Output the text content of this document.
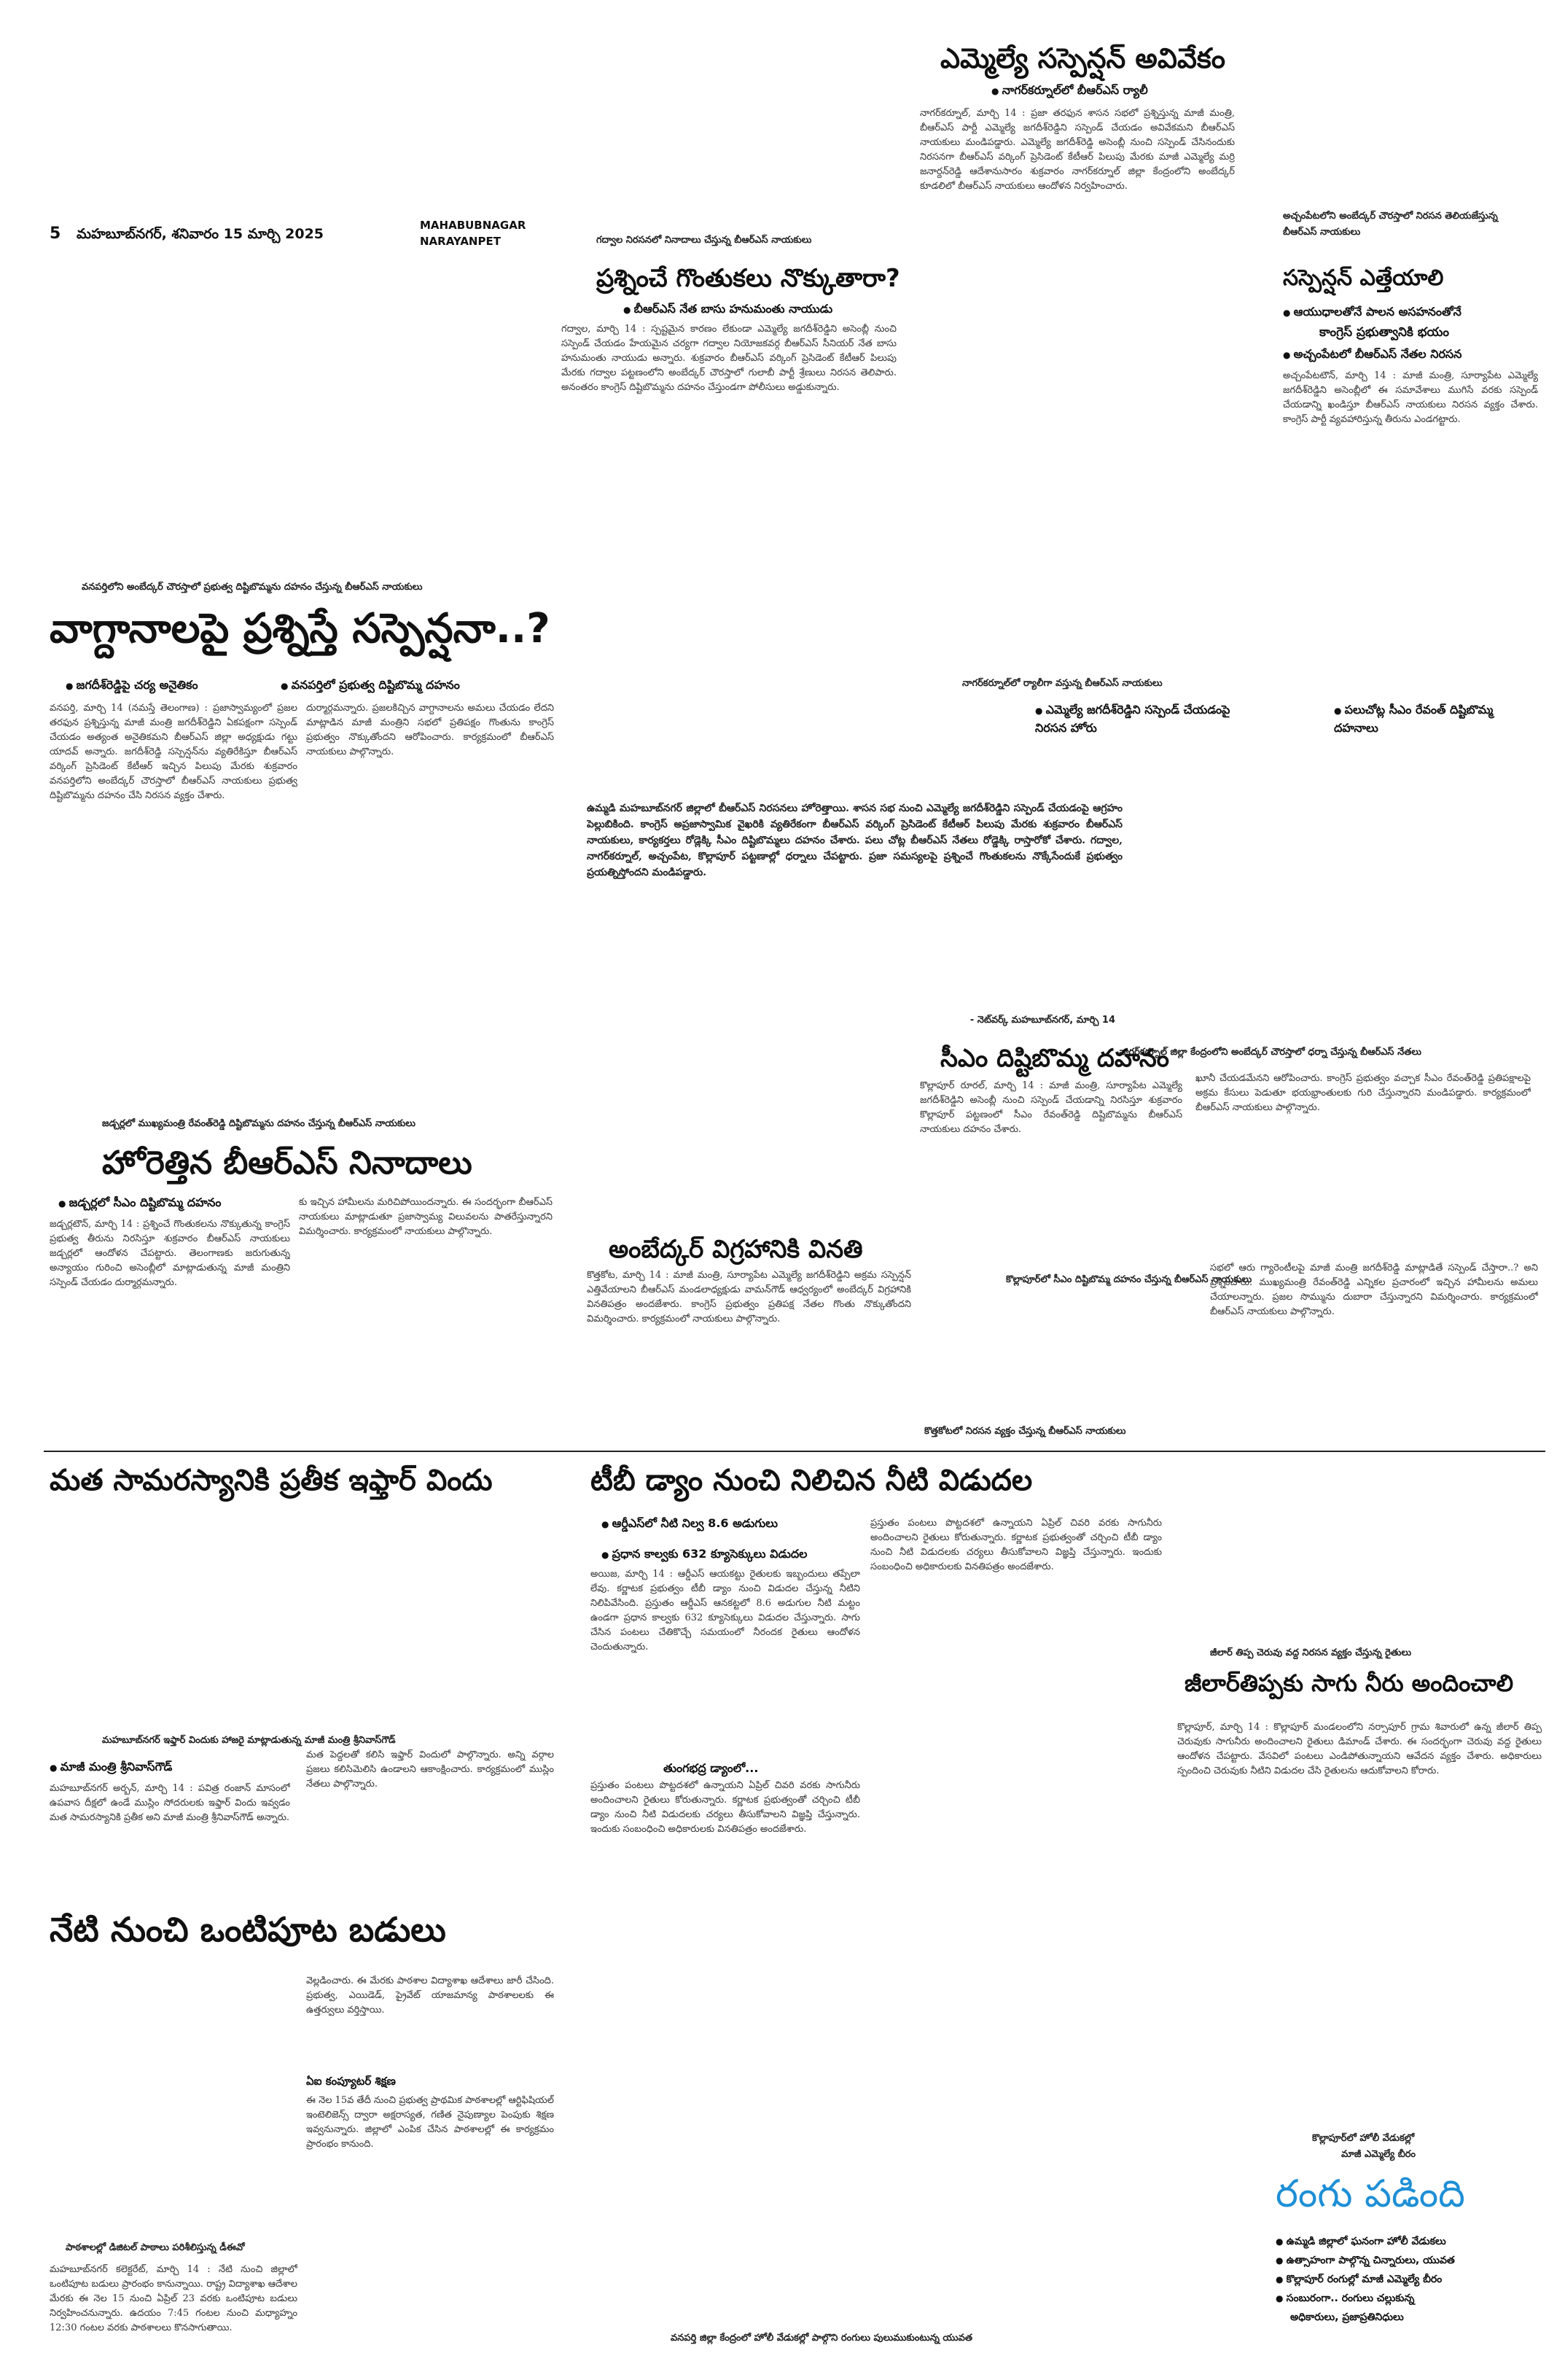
5 మహబూబ్‌నగర్, శనివారం 15 మార్చి 2025
MAHABUBNAGAR
NARAYANPET
ఎమ్మెల్యే సస్పెన్షన్ అవివేకం
● నాగర్‌కర్నూల్‌లో బీఆర్ఎస్ ర్యాలీ
నాగర్‌కర్నూల్, మార్చి 14 : ప్రజా తరఫున శాసన సభలో ప్రశ్నిస్తున్న మాజీ మంత్రి, బీఆర్ఎస్ పార్టీ ఎమ్మెల్యే జగదీశ్‌రెడ్డిని సస్పెండ్ చేయడం అవివేకమని బీఆర్ఎస్ నాయకులు మండిపడ్డారు. ఎమ్మెల్యే జగదీశ్‌రెడ్డి అసెంబ్లీ నుంచి సస్పెండ్ చేసినందుకు నిరసనగా బీఆర్ఎస్ వర్కింగ్ ప్రెసిడెంట్ కేటీఆర్ పిలుపు మేరకు మాజీ ఎమ్మెల్యే మర్రి జనార్దన్‌రెడ్డి ఆదేశానుసారం శుక్రవారం నాగర్‌కర్నూల్ జిల్లా కేంద్రంలోని అంబేద్కర్ కూడలిలో బీఆర్ఎస్ నాయకులు ఆందోళన నిర్వహించారు.
గద్వాల నిరసనలో నినాదాలు చేస్తున్న బీఆర్ఎస్ నాయకులు
ప్రశ్నించే గొంతుకలు నొక్కుతారా?
● బీఆర్ఎస్ నేత బాసు హనుమంతు నాయుడు
గద్వాల, మార్చి 14 : స్పష్టమైన కారణం లేకుండా ఎమ్మెల్యే జగదీశ్‌రెడ్డిని అసెంబ్లీ నుంచి సస్పెండ్ చేయడం హేయమైన చర్యగా గద్వాల నియోజకవర్గ బీఆర్ఎస్ సీనియర్ నేత బాసు హనుమంతు నాయుడు అన్నారు. శుక్రవారం బీఆర్ఎస్ వర్కింగ్ ప్రెసిడెంట్ కేటీఆర్ పిలుపు మేరకు గద్వాల పట్టణంలోని అంబేద్కర్ చౌరస్తాలో గులాబీ పార్టీ శ్రేణులు నిరసన తెలిపారు. అనంతరం కాంగ్రెస్ దిష్టిబొమ్మను దహనం చేస్తుండగా పోలీసులు అడ్డుకున్నారు.
అచ్చంపేటలోని అంబేద్కర్ చౌరస్తాలో నిరసన తెలియజేస్తున్న బీఆర్ఎస్ నాయకులు
సస్పెన్షన్ ఎత్తేయాలి
● ఆయుధాలతోనే పాలన అసహనంతోనే
కాంగ్రెస్ ప్రభుత్వానికి భయం
● అచ్చంపేటలో బీఆర్ఎస్ నేతల నిరసన
అచ్చంపేటటౌన్, మార్చి 14 : మాజీ మంత్రి, సూర్యాపేట ఎమ్మెల్యే జగదీశ్‌రెడ్డిని అసెంబ్లీలో ఈ సమావేశాలు ముగిసే వరకు సస్పెండ్ చేయడాన్ని ఖండిస్తూ బీఆర్ఎస్ నాయకులు నిరసన వ్యక్తం చేశారు. కాంగ్రెస్ పార్టీ వ్యవహారిస్తున్న తీరును ఎండగట్టారు.
వనపర్తిలోని అంబేద్కర్ చౌరస్తాలో ప్రభుత్వ దిష్టిబొమ్మను దహనం చేస్తున్న బీఆర్ఎస్ నాయకులు
వాగ్దానాలపై ప్రశ్నిస్తే సస్పెన్షనా..?
● జగదీశ్‌రెడ్డిపై చర్య అనైతికం
●	వనపర్తిలో ప్రభుత్వ దిష్టిబొమ్మ దహనం
వనపర్తి, మార్చి 14 (నమస్తే తెలంగాణ) : ప్రజాస్వామ్యంలో ప్రజల తరఫున ప్రశ్నిస్తున్న మాజీ మంత్రి జగదీశ్‌రెడ్డిని ఏకపక్షంగా సస్పెండ్ చేయడం అత్యంత అనైతికమని బీఆర్ఎస్ జిల్లా అధ్యక్షుడు గట్టు యాదవ్ అన్నారు. జగదీశ్‌రెడ్డి సస్పెన్షన్‌ను వ్యతిరేకిస్తూ బీఆర్ఎస్ వర్కింగ్ ప్రెసిడెంట్ కేటీఆర్ ఇచ్చిన పిలుపు మేరకు శుక్రవారం వనపర్తిలోని అంబేద్కర్ చౌరస్తాలో బీఆర్ఎస్ నాయకులు ప్రభుత్వ దిష్టిబొమ్మను దహనం చేసి నిరసన వ్యక్తం చేశారు.
దుర్మార్గమన్నారు. ప్రజలకిచ్చిన వాగ్దానాలను అమలు చేయడం లేదని మాట్లాడిన మాజీ మంత్రిని సభలో ప్రతిపక్షం గొంతును కాంగ్రెస్ ప్రభుత్వం నొక్కుతోందని ఆరోపించారు. కార్యక్రమంలో బీఆర్ఎస్ నాయకులు పాల్గొన్నారు.
నాగర్‌కర్నూల్‌లో ర్యాలీగా వస్తున్న బీఆర్ఎస్ నాయకులు
● ఎమ్మెల్యే జగదీశ్‌రెడ్డిని సస్పెండ్ చేయడంపై నిరసన హోరు
● పలుచోట్ల సీఎం రేవంత్ దిష్టిబొమ్మ దహనాలు
ఉమ్మడి మహబూబ్‌నగర్ జిల్లాలో బీఆర్ఎస్ నిరసనలు హోరెత్తాయి. శాసన సభ నుంచి ఎమ్మెల్యే జగదీశ్‌రెడ్డిని సస్పెండ్ చేయడంపై ఆగ్రహం పెల్లుబికింది. కాంగ్రెస్ అప్రజాస్వామిక వైఖరికి వ్యతిరేకంగా బీఆర్ఎస్ వర్కింగ్ ప్రెసిడెంట్ కేటీఆర్ పిలుపు మేరకు శుక్రవారం బీఆర్ఎస్ నాయకులు, కార్యకర్తలు రోడ్లెక్కి సీఎం దిష్టిబొమ్మలు దహనం చేశారు. పలు చోట్ల బీఆర్ఎస్ నేతలు రోడ్డెక్కి రాస్తారోకో చేశారు. గద్వాల, నాగర్‌కర్నూల్, అచ్చంపేట, కొల్లాపూర్ పట్టణాల్లో ధర్నాలు చేపట్టారు. ప్రజా సమస్యలపై ప్రశ్నించే గొంతుకలను నొక్కేసేందుకే ప్రభుత్వం ప్రయత్నిస్తోందని మండిపడ్డారు.
- నెట్‌వర్క్ మహబూబ్‌నగర్, మార్చి 14
నాగర్‌కర్నూల్ జిల్లా కేంద్రంలోని అంబేద్కర్ చౌరస్తాలో ధర్నా చేస్తున్న బీఆర్ఎస్ నేతలు
సీఎం దిష్టిబొమ్మ దహనం
కొల్లాపూర్ రూరల్, మార్చి 14 : మాజీ మంత్రి, సూర్యాపేట ఎమ్మెల్యే జగదీశ్‌రెడ్డిని అసెంబ్లీ నుంచి సస్పెండ్ చేయడాన్ని నిరసిస్తూ శుక్రవారం కొల్లాపూర్ పట్టణంలో సీఎం రేవంత్‌రెడ్డి దిష్టిబొమ్మను బీఆర్ఎస్ నాయకులు దహనం చేశారు.
ఖూనీ చేయడమేనని ఆరోపించారు. కాంగ్రెస్ ప్రభుత్వం వచ్చాక సీఎం రేవంత్‌రెడ్డి ప్రతిపక్షాలపై అక్రమ కేసులు పెడుతూ భయభ్రాంతులకు గురి చేస్తున్నారని మండిపడ్డారు. కార్యక్రమంలో బీఆర్ఎస్ నాయకులు పాల్గొన్నారు.
కొల్లాపూర్‌లో సీఎం దిష్టిబొమ్మ దహనం చేస్తున్న బీఆర్ఎస్ నాయకులు
జడ్చర్లలో ముఖ్యమంత్రి రేవంత్‌రెడ్డి దిష్టిబొమ్మను దహనం చేస్తున్న బీఆర్ఎస్ నాయకులు
హోరెత్తిన బీఆర్ఎస్ నినాదాలు
● జడ్చర్లలో సీఎం దిష్టిబొమ్మ దహనం
జడ్చర్లటౌన్, మార్చి 14 : ప్రశ్నించే గొంతుకలను నొక్కుతున్న కాంగ్రెస్ ప్రభుత్వ తీరును నిరసిస్తూ శుక్రవారం బీఆర్ఎస్ నాయకులు జడ్చర్లలో ఆందోళన చేపట్టారు. తెలంగాణకు జరుగుతున్న అన్యాయం గురించి అసెంబ్లీలో మాట్లాడుతున్న మాజీ మంత్రిని సస్పెండ్ చేయడం దుర్మార్గమన్నారు.
కు ఇచ్చిన హామీలను మరిచిపోయిందన్నారు. ఈ సందర్భంగా బీఆర్ఎస్ నాయకులు మాట్లాడుతూ ప్రజాస్వామ్య విలువలను పాతరేస్తున్నారని విమర్శించారు. కార్యక్రమంలో నాయకులు పాల్గొన్నారు.
అంబేద్కర్ విగ్రహానికి వినతి
కొత్తకోట, మార్చి 14 : మాజీ మంత్రి, సూర్యాపేట ఎమ్మెల్యే జగదీశ్‌రెడ్డిని అక్రమ సస్పెన్షన్ ఎత్తివేయాలని బీఆర్ఎస్ మండలాధ్యక్షుడు వామన్‌గౌడ్ ఆధ్వర్యంలో అంబేద్కర్ విగ్రహానికి వినతిపత్రం అందజేశారు. కాంగ్రెస్ ప్రభుత్వం ప్రతిపక్ష నేతల గొంతు నొక్కుతోందని విమర్శించారు. కార్యక్రమంలో నాయకులు పాల్గొన్నారు.
కొత్తకోటలో నిరసన వ్యక్తం చేస్తున్న బీఆర్ఎస్ నాయకులు
సభలో ఆరు గ్యారెంటీలపై మాజీ మంత్రి జగదీశ్‌రెడ్డి మాట్లాడితే సస్పెండ్ చేస్తారా..? అని ప్రశ్నించారు. ముఖ్యమంత్రి రేవంత్‌రెడ్డి ఎన్నికల ప్రచారంలో ఇచ్చిన హామీలను అమలు చేయాలన్నారు. ప్రజల సొమ్మును దుబారా చేస్తున్నారని విమర్శించారు. కార్యక్రమంలో బీఆర్ఎస్ నాయకులు పాల్గొన్నారు.
మత సామరస్యానికి ప్రతీక ఇఫ్తార్ విందు
మహబూబ్‌నగర్ ఇఫ్తార్ విందుకు హాజరై మాట్లాడుతున్న మాజీ మంత్రి శ్రీనివాస్‌గౌడ్
● మాజీ మంత్రి శ్రీనివాస్‌గౌడ్
మహబూబ్‌నగర్ అర్బన్, మార్చి 14 : పవిత్ర రంజాన్ మాసంలో ఉపవాస దీక్షలో ఉండే ముస్లిం సోదరులకు ఇఫ్తార్ విందు ఇవ్వడం మత సామరస్యానికి ప్రతీక అని మాజీ మంత్రి శ్రీనివాస్‌గౌడ్ అన్నారు.
మత పెద్దలతో కలిసి ఇఫ్తార్ విందులో పాల్గొన్నారు. అన్ని వర్గాల ప్రజలు కలిసిమెలిసి ఉండాలని ఆకాంక్షించారు. కార్యక్రమంలో ముస్లిం నేతలు పాల్గొన్నారు.
టీబీ డ్యాం నుంచి నిలిచిన నీటి విడుదల
● ఆర్డీఎస్‌లో నీటి నిల్వ 8.6 అడుగులు
● ప్రధాన కాల్వకు 632 క్యూసెక్కులు విడుదల
అయిజ, మార్చి 14 : ఆర్డీఎస్ ఆయకట్టు రైతులకు ఇబ్బందులు తప్పేలా లేవు. కర్ణాటక ప్రభుత్వం టీబీ డ్యాం నుంచి విడుదల చేస్తున్న నీటిని నిలిపివేసింది. ప్రస్తుతం ఆర్డీఎస్ ఆనకట్టలో 8.6 అడుగుల నీటి మట్టం ఉండగా ప్రధాన కాల్వకు 632 క్యూసెక్కులు విడుదల చేస్తున్నారు. సాగు చేసిన పంటలు చేతికొచ్చే సమయంలో నీరందక రైతులు ఆందోళన చెందుతున్నారు.
తుంగభద్ర డ్యాంలో...
ప్రస్తుతం పంటలు పొట్టదశలో ఉన్నాయని ఏప్రిల్ చివరి వరకు సాగునీరు అందించాలని రైతులు కోరుతున్నారు. కర్ణాటక ప్రభుత్వంతో చర్చించి టీబీ డ్యాం నుంచి నీటి విడుదలకు చర్యలు తీసుకోవాలని విజ్ఞప్తి చేస్తున్నారు. ఇందుకు సంబంధించి అధికారులకు వినతిపత్రం అందజేశారు.
ప్రస్తుతం పంటలు పొట్టదశలో ఉన్నాయని ఏప్రిల్ చివరి వరకు సాగునీరు అందించాలని రైతులు కోరుతున్నారు. కర్ణాటక ప్రభుత్వంతో చర్చించి టీబీ డ్యాం నుంచి నీటి విడుదలకు చర్యలు తీసుకోవాలని విజ్ఞప్తి చేస్తున్నారు. ఇందుకు సంబంధించి అధికారులకు వినతిపత్రం అందజేశారు.
జీలార్ తిప్ప చెరువు వద్ద నిరసన వ్యక్తం చేస్తున్న రైతులు
జీలార్‌తిప్పకు సాగు నీరు అందించాలి
కొల్లాపూర్, మార్చి 14 : కొల్లాపూర్ మండలంలోని నర్సాపూర్ గ్రామ శివారులో ఉన్న జీలార్ తిప్ప చెరువుకు సాగునీరు అందించాలని రైతులు డిమాండ్ చేశారు. ఈ సందర్భంగా చెరువు వద్ద రైతులు ఆందోళన చేపట్టారు. వేసవిలో పంటలు ఎండిపోతున్నాయని ఆవేదన వ్యక్తం చేశారు. అధికారులు స్పందించి చెరువుకు నీటిని విడుదల చేసి రైతులను ఆదుకోవాలని కోరారు.
నేటి నుంచి ఒంటిపూట బడులు
వెల్లడించారు. ఈ మేరకు పాఠశాల విద్యాశాఖ ఆదేశాలు జారీ చేసింది. ప్రభుత్వ, ఎయిడెడ్, ప్రైవేట్ యాజమాన్య పాఠశాలలకు ఈ ఉత్తర్వులు వర్తిస్తాయి.
ఏఐ కంప్యూటర్ శిక్షణ
ఈ నెల 15వ తేదీ నుంచి ప్రభుత్వ ప్రాథమిక పాఠశాలల్లో ఆర్టిఫిషియల్ ఇంటెలిజెన్స్ ద్వారా అక్షరాస్యత, గణిత నైపుణ్యాల పెంపుకు శిక్షణ ఇవ్వనున్నారు. జిల్లాలో ఎంపిక చేసిన పాఠశాలల్లో ఈ కార్యక్రమం ప్రారంభం కానుంది.
పాఠశాలల్లో డిజిటల్ పాఠాలు పరిశీలిస్తున్న డీఈవో
మహబూబ్‌నగర్ కలెక్టరేట్, మార్చి 14 : నేటి నుంచి జిల్లాలో ఒంటిపూట బడులు ప్రారంభం కానున్నాయి. రాష్ట్ర విద్యాశాఖ ఆదేశాల మేరకు ఈ నెల 15 నుంచి ఏప్రిల్ 23 వరకు ఒంటిపూట బడులు నిర్వహించనున్నారు. ఉదయం 7:45 గంటల నుంచి మధ్యాహ్నం 12:30 గంటల వరకు పాఠశాలలు కొనసాగుతాయి.
వనపర్తి జిల్లా కేంద్రంలో హోలీ వేడుకల్లో పాల్గొని రంగులు పులుముకుంటున్న యువత
కొల్లాపూర్‌లో హోలీ వేడుకల్లో
మాజీ ఎమ్మెల్యే బీరం
రంగు పడింది
● ఉమ్మడి జిల్లాలో ఘనంగా హోలీ వేడుకలు
● ఉత్సాహంగా పాల్గొన్న చిన్నారులు, యువత
● కొల్లాపూర్ రంగుల్లో మాజీ ఎమ్మెల్యే బీరం
● సంబురంగా.. రంగులు చల్లుకున్న
అధికారులు, ప్రజాప్రతినిధులు
